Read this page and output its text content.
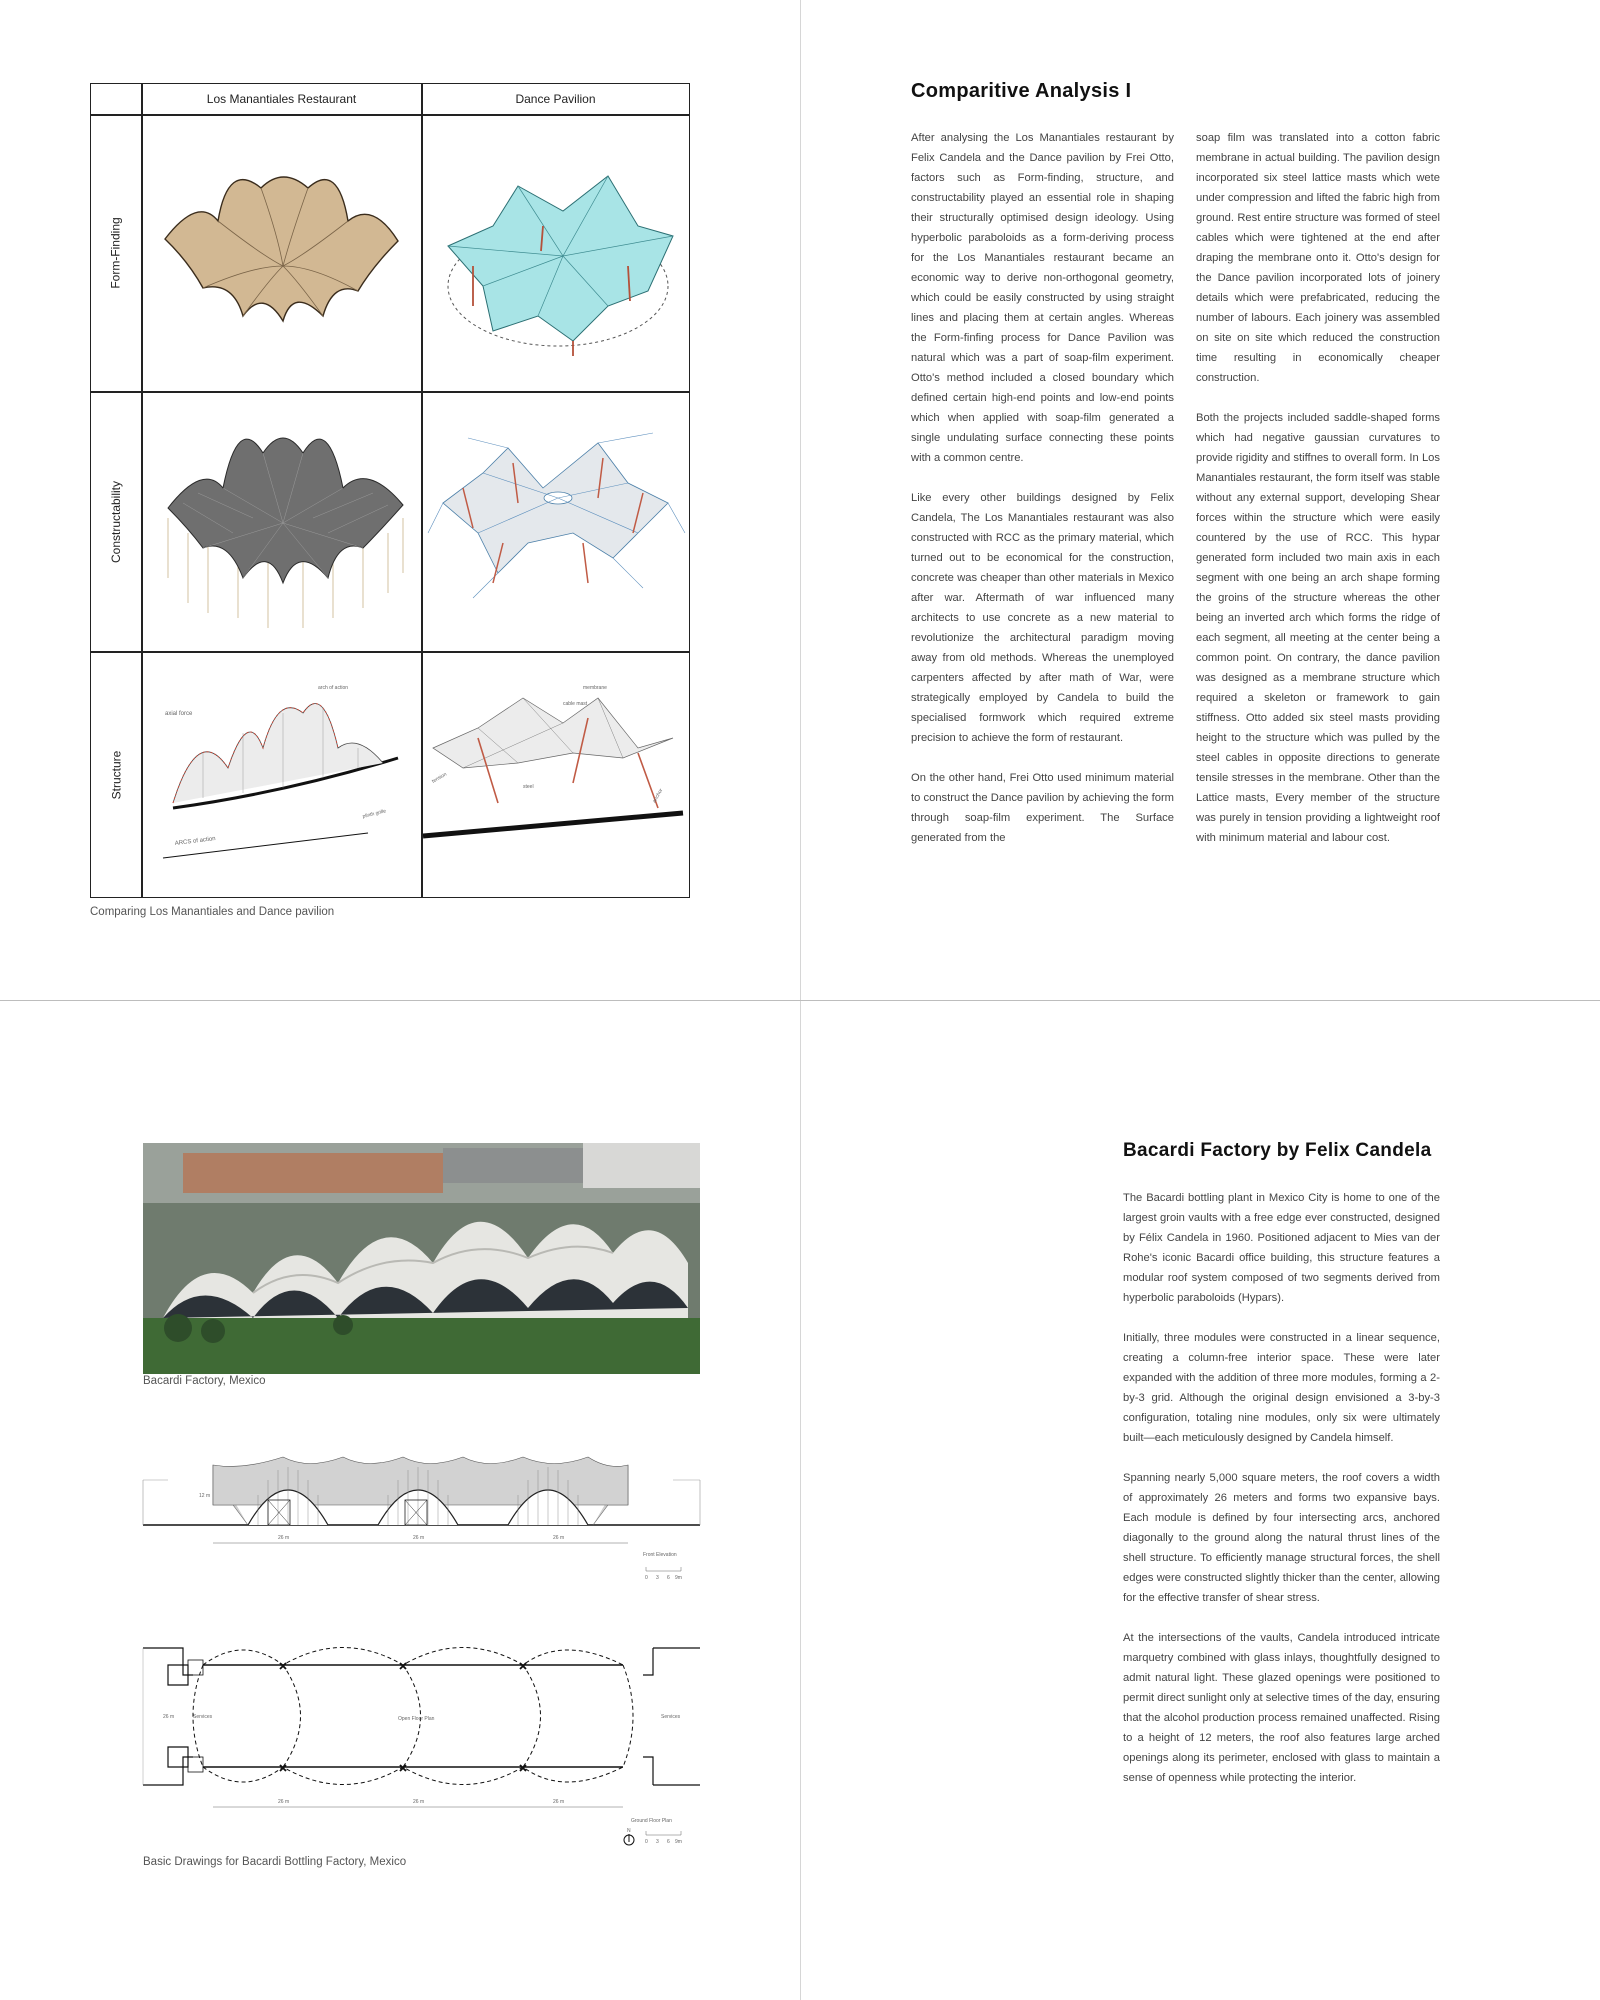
Los Manantiales Restaurant	Dance Pavilion
Form-Finding
Constructability
Structure
axial force
arch of action
plinth grille
ARCS of action
membrane
cable mast
tension
steel
anchor
Comparing Los Manantiales and Dance pavilion
Comparitive Analysis I

After analysing the Los Manantiales restaurant by Felix Candela and the Dance pavilion by Frei Otto, factors such as Form-finding, structure, and constructability played an essential role in shaping their structurally optimised design ideology. Using hyperbolic paraboloids as a form-deriving process for the Los Manantiales restaurant became an economic way to derive non-orthogonal geometry, which could be easily constructed by using straight lines and placing them at certain angles. Whereas the Form-finfing process for Dance Pavilion was natural which was a part of soap-film experiment. Otto's method included a closed boundary which defined certain high-end points and low-end points which when applied with soap-film generated a single undulating surface connecting these points with a common centre.

Like every other buildings designed by Felix Candela, The Los Manantiales restaurant was also constructed with RCC as the primary material, which turned out to be economical for the construction, concrete was cheaper than other materials in Mexico after war. Aftermath of war influenced many architects to use concrete as a new material to revolutionize the architectural paradigm moving away from old methods. Whereas the unemployed carpenters affected by after math of War, were strategically employed by Candela to build the specialised formwork which required extreme precision to achieve the form of restaurant.

On the other hand, Frei Otto used minimum material to construct the Dance pavilion by achieving the form through soap-film experiment. The Surface generated from the

soap film was translated into a cotton fabric membrane in actual building. The pavilion design incorporated six steel lattice masts which wete under compression and lifted the fabric high from ground. Rest entire structure was formed of steel cables which were tightened at the end after draping the membrane onto it. Otto's design for the Dance pavilion incorporated lots of joinery details which were prefabricated, reducing the number of labours. Each joinery was assembled on site on site which reduced the construction time resulting in economically cheaper construction.

Both the projects included saddle-shaped forms which had negative gaussian curvatures to provide rigidity and stiffnes to overall form. In Los Manantiales restaurant, the form itself was stable without any external support, developing Shear forces within the structure which were easily countered by the use of RCC. This hypar generated form included two main axis in each segment with one being an arch shape forming the groins of the structure whereas the other being an inverted arch which forms the ridge of each segment, all meeting at the center being a common point. On contrary, the dance pavilion was designed as a membrane structure which required a skeleton or framework to gain stiffness. Otto added six steel masts providing height to the structure which was pulled by the steel cables in opposite directions to generate tensile stresses in the membrane. Other than the Lattice masts, Every member of the structure was purely in tension providing a lightweight roof with minimum material and labour cost.

Bacardi Factory, Mexico
12 m
26 m	26 m	26 m
Front Elevation
0 3 6 9m
26 m	Services	Open Floor Plan	Services
26 m	26 m	26 m
Ground Floor Plan
N
0 3 6 9m
Basic Drawings for Bacardi Bottling Factory, Mexico
Bacardi Factory by Felix Candela

The Bacardi bottling plant in Mexico City is home to one of the largest groin vaults with a free edge ever constructed, designed by Félix Candela in 1960. Positioned adjacent to Mies van der Rohe's iconic Bacardi office building, this structure features a modular roof system composed of two segments derived from hyperbolic paraboloids (Hypars).

Initially, three modules were constructed in a linear sequence, creating a column-free interior space. These were later expanded with the addition of three more modules, forming a 2-by-3 grid. Although the original design envisioned a 3-by-3 configuration, totaling nine modules, only six were ultimately built—each meticulously designed by Candela himself.

Spanning nearly 5,000 square meters, the roof covers a width of approximately 26 meters and forms two expansive bays. Each module is defined by four intersecting arcs, anchored diagonally to the ground along the natural thrust lines of the shell structure. To efficiently manage structural forces, the shell edges were constructed slightly thicker than the center, allowing for the effective transfer of shear stress.

At the intersections of the vaults, Candela introduced intricate marquetry combined with glass inlays, thoughtfully designed to admit natural light. These glazed openings were positioned to permit direct sunlight only at selective times of the day, ensuring that the alcohol production process remained unaffected. Rising to a height of 12 meters, the roof also features large arched openings along its perimeter, enclosed with glass to maintain a sense of openness while protecting the interior.
